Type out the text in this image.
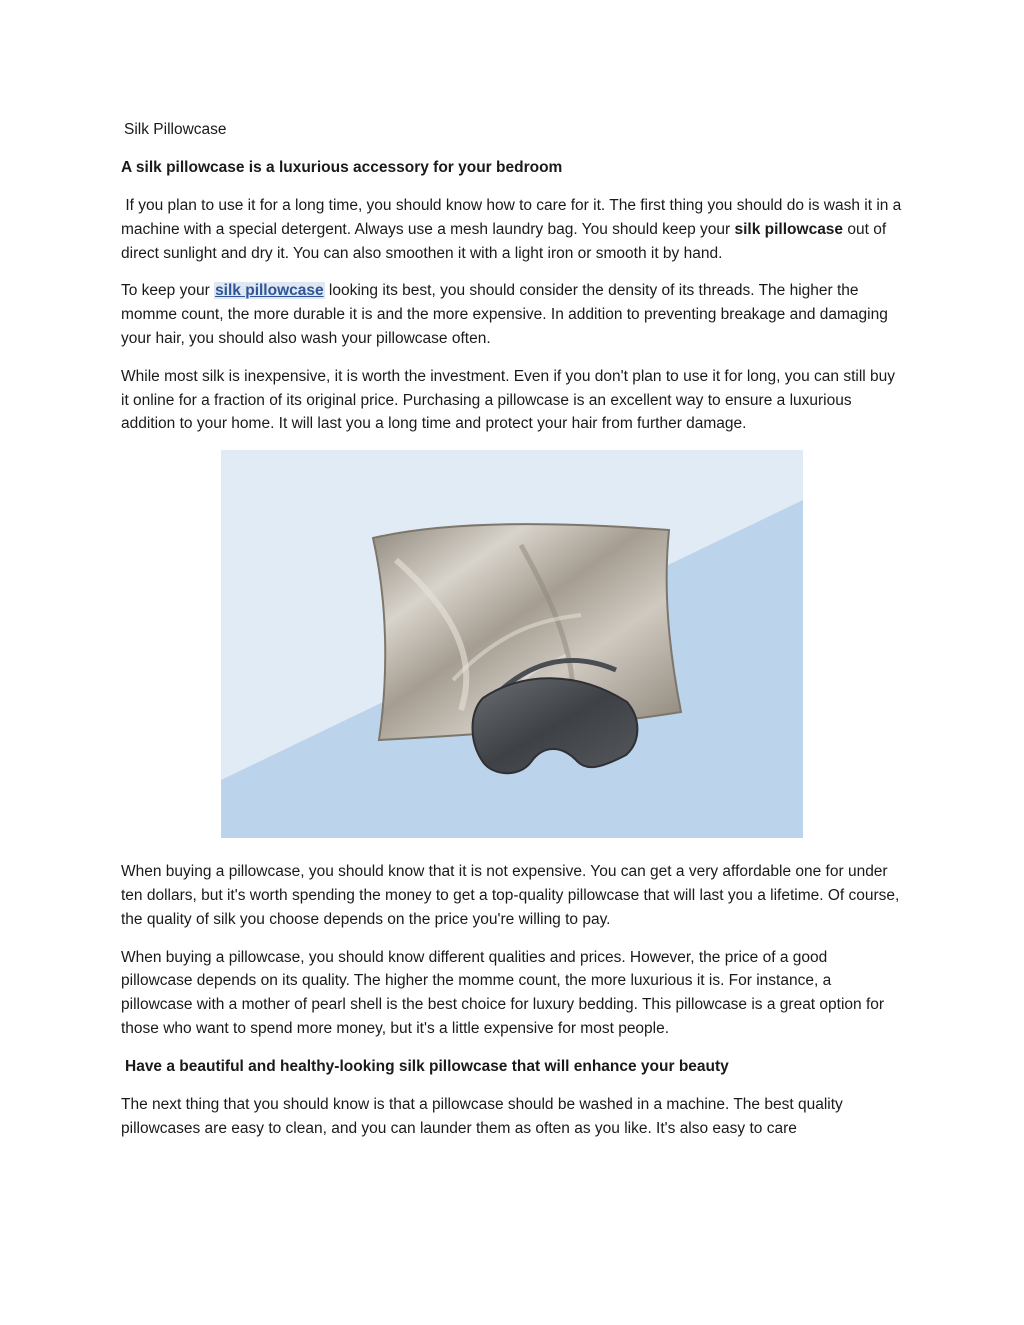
Silk Pillowcase

A silk pillowcase is a luxurious accessory for your bedroom

If you plan to use it for a long time, you should know how to care for it. The first thing you should do is wash it in a machine with a special detergent. Always use a mesh laundry bag. You should keep your silk pillowcase out of direct sunlight and dry it. You can also smoothen it with a light iron or smooth it by hand.

To keep your silk pillowcase looking its best, you should consider the density of its threads. The higher the momme count, the more durable it is and the more expensive. In addition to preventing breakage and damaging your hair, you should also wash your pillowcase often.

While most silk is inexpensive, it is worth the investment. Even if you don't plan to use it for long, you can still buy it online for a fraction of its original price. Purchasing a pillowcase is an excellent way to ensure a luxurious addition to your home. It will last you a long time and protect your hair from further damage.

When buying a pillowcase, you should know that it is not expensive. You can get a very affordable one for under ten dollars, but it's worth spending the money to get a top-quality pillowcase that will last you a lifetime. Of course, the quality of silk you choose depends on the price you're willing to pay.

When buying a pillowcase, you should know different qualities and prices. However, the price of a good pillowcase depends on its quality. The higher the momme count, the more luxurious it is. For instance, a pillowcase with a mother of pearl shell is the best choice for luxury bedding. This pillowcase is a great option for those who want to spend more money, but it's a little expensive for most people.

Have a beautiful and healthy-looking silk pillowcase that will enhance your beauty

The next thing that you should know is that a pillowcase should be washed in a machine. The best quality pillowcases are easy to clean, and you can launder them as often as you like. It's also easy to care
